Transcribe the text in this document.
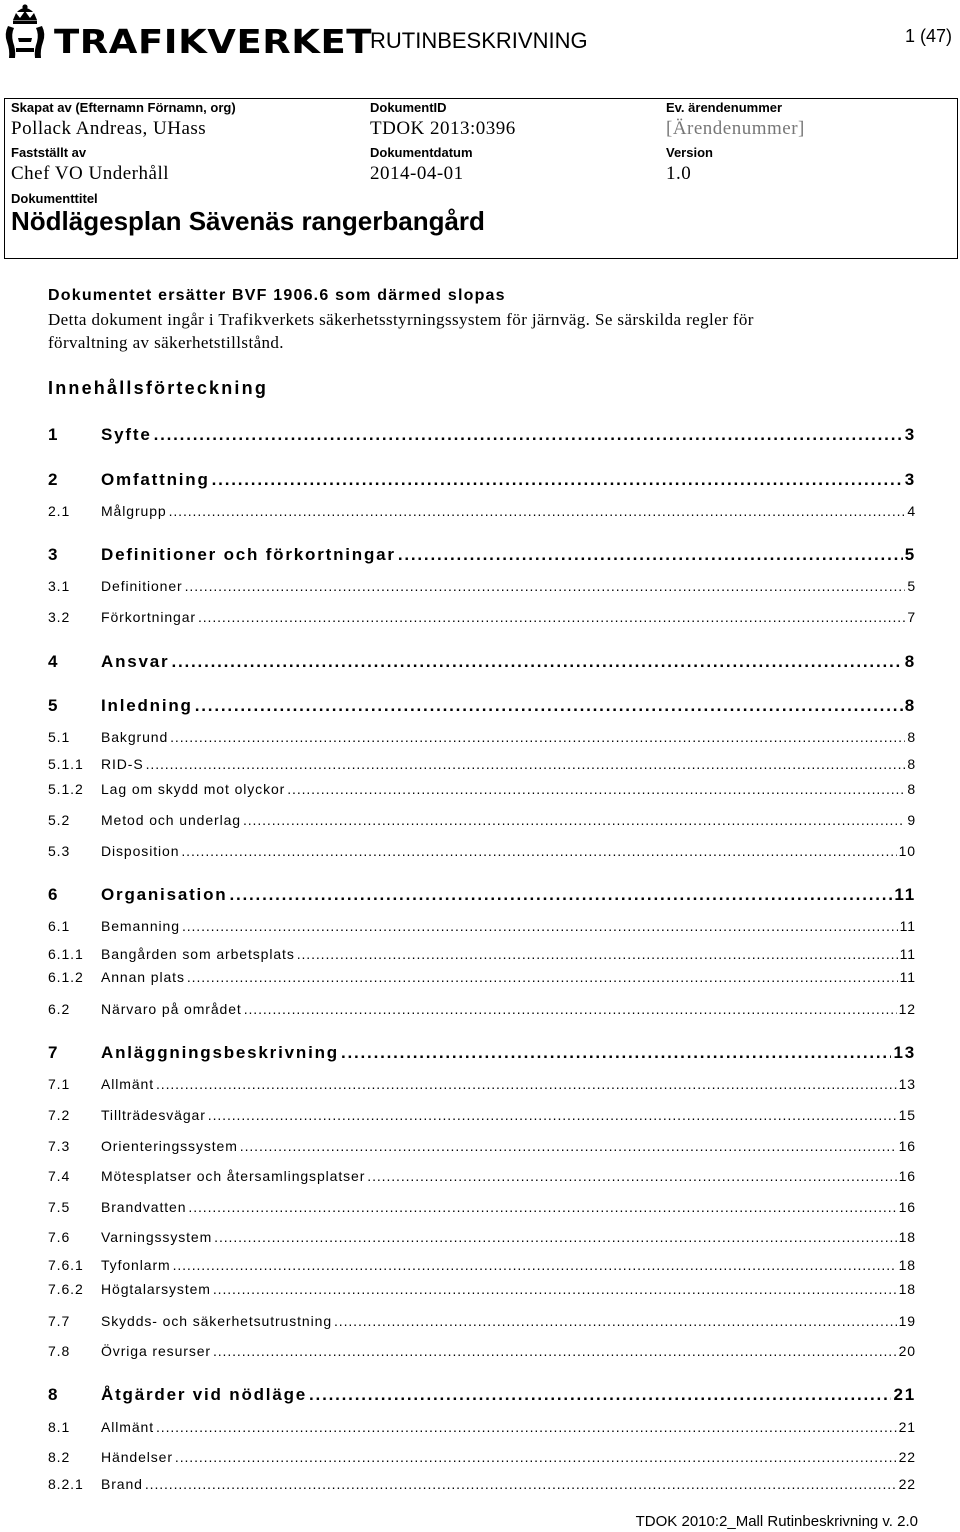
TRAFIKVERKET
RUTINBESKRIVNING	1 (47)
Skapat av (Efternamn Förnamn, org)
Pollack Andreas, UHass
DokumentID
TDOK 2013:0396
Ev. ärendenummer
[Ärendenummer]
Fastställt av
Chef VO Underhåll
Dokumentdatum
2014-04-01
Version
1.0
Dokumenttitel
Nödlägesplan Sävenäs rangerbangård
Dokumentet ersätter BVF 1906.6 som därmed slopas
Detta dokument ingår i Trafikverkets säkerhetsstyrningssystem för järnväg. Se särskilda regler för
förvaltning av säkerhetstillstånd.
Innehållsförteckning
1	Syfte .....	3
2	Omfattning .....	3
2.1	Målgrupp .....	4
3	Definitioner och förkortningar .....	5
3.1	Definitioner .....	5
3.2	Förkortningar .....	7
4	Ansvar .....	8
5	Inledning .....	8
5.1	Bakgrund .....	8
5.1.1	RID-S .....	8
5.1.2	Lag om skydd mot olyckor .....	8
5.2	Metod och underlag .....	9
5.3	Disposition .....	10
6	Organisation .....	11
6.1	Bemanning .....	11
6.1.1	Bangården som arbetsplats .....	11
6.1.2	Annan plats .....	11
6.2	Närvaro på området .....	12
7	Anläggningsbeskrivning .....	13
7.1	Allmänt .....	13
7.2	Tillträdesvägar .....	15
7.3	Orienteringssystem .....	16
7.4	Mötesplatser och återsamlingsplatser .....	16
7.5	Brandvatten .....	16
7.6	Varningssystem .....	18
7.6.1	Tyfonlarm .....	18
7.6.2	Högtalarsystem .....	18
7.7	Skydds- och säkerhetsutrustning .....	19
7.8	Övriga resurser .....	20
8	Åtgärder vid nödläge .....	21
8.1	Allmänt .....	21
8.2	Händelser .....	22
8.2.1	Brand .....	22
TDOK 2010:2_Mall Rutinbeskrivning v. 2.0
